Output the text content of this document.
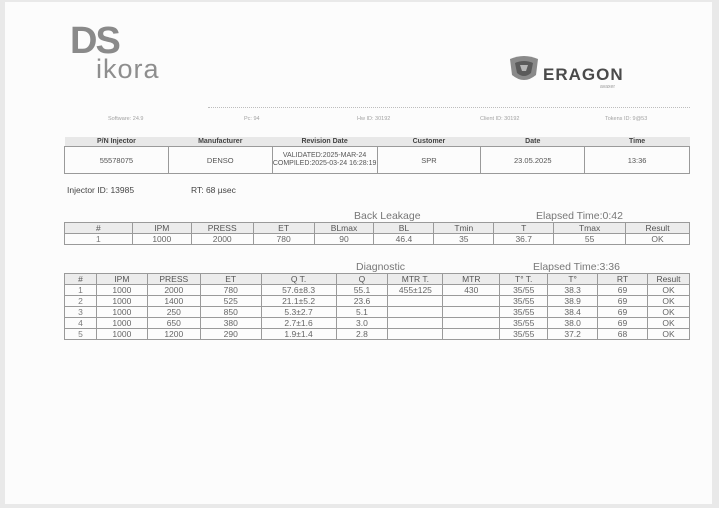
DS
ikora	ERAGON
avaxer
Software: 24.9	Pc: 94	Hw ID: 30192	Client ID: 30192	Tokens ID: 9@53
P/N Injector	Manufacturer	Revision Date	Customer	Date	Time
55578075	DENSO	VALIDATED:2025-MAR-24 COMPILED:2025-03-24 16:28:19	SPR	23.05.2025	13:36
Injector ID: 13985	RT: 68 µsec
Back Leakage	Elapsed Time:0:42
#	IPM	PRESS	ET	BLmax	BL	Tmin	T	Tmax	Result
1	1000	2000	780	90	46.4	35	36.7	55	OK
Diagnostic	Elapsed Time:3:36
#	IPM	PRESS	ET	Q T.	Q	MTR T.	MTR	T° T.	T°	RT	Result
1	1000	2000	780	57.6±8.3	55.1	455±125	430	35/55	38.3	69	OK
2	1000	1400	525	21.1±5.2	23.6			35/55	38.9	69	OK
3	1000	250	850	5.3±2.7	5.1			35/55	38.4	69	OK
4	1000	650	380	2.7±1.6	3.0			35/55	38.0	69	OK
5	1000	1200	290	1.9±1.4	2.8			35/55	37.2	68	OK
